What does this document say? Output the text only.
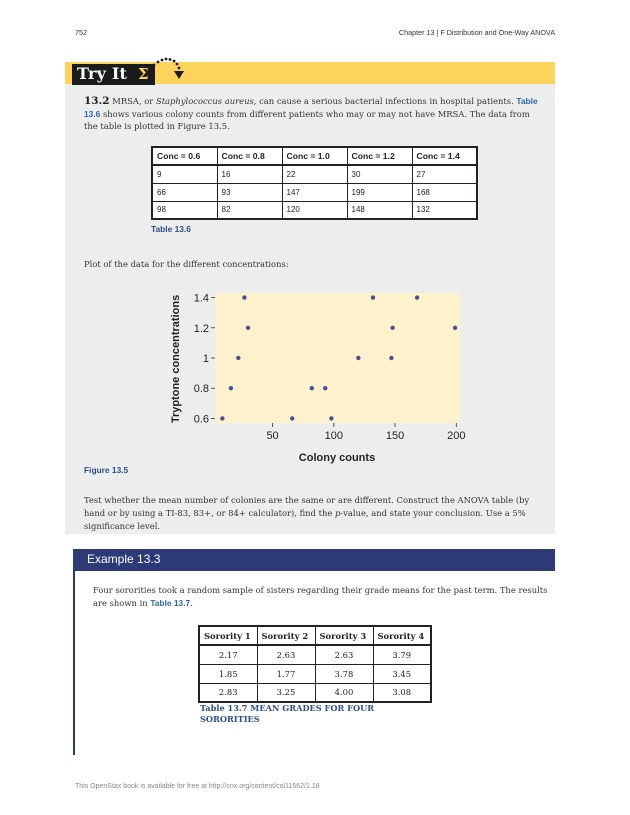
752	Chapter 13 | F Distribution and One-Way ANOVA
Try It Σ
13.2 MRSA, or Staphylococcus aureus, can cause a serious bacterial infections in hospital patients. Table 13.6 shows various colony counts from different patients who may or may not have MRSA. The data from the table is plotted in Figure 13.5.
Conc = 0.6	Conc = 0.8	Conc = 1.0	Conc = 1.2	Conc = 1.4
9	16	22	30	27
66	93	147	199	168
98	82	120	148	132
Table 13.6
Plot of the data for the different concentrations:
Figure 13.5
Test whether the mean number of colonies are the same or are different. Construct the ANOVA table (by hand or by using a TI-83, 83+, or 84+ calculator), find the p-value, and state your conclusion. Use a 5% significance level.
0.6
0.8
1
1.2
1.4
50	100	150	200
Colony counts
Tryptone concentrations
Example 13.3
Four sororities took a random sample of sisters regarding their grade means for the past term. The results are shown in Table 13.7.
Sorority 1	Sorority 2	Sorority 3	Sorority 4
2.17	2.63	2.63	3.79
1.85	1.77	3.78	3.45
2.83	3.25	4.00	3.08
Table 13.7 MEAN GRADES FOR FOUR SORORITIES
This OpenStax book is available for free at http://cnx.org/content/col11562/1.18
